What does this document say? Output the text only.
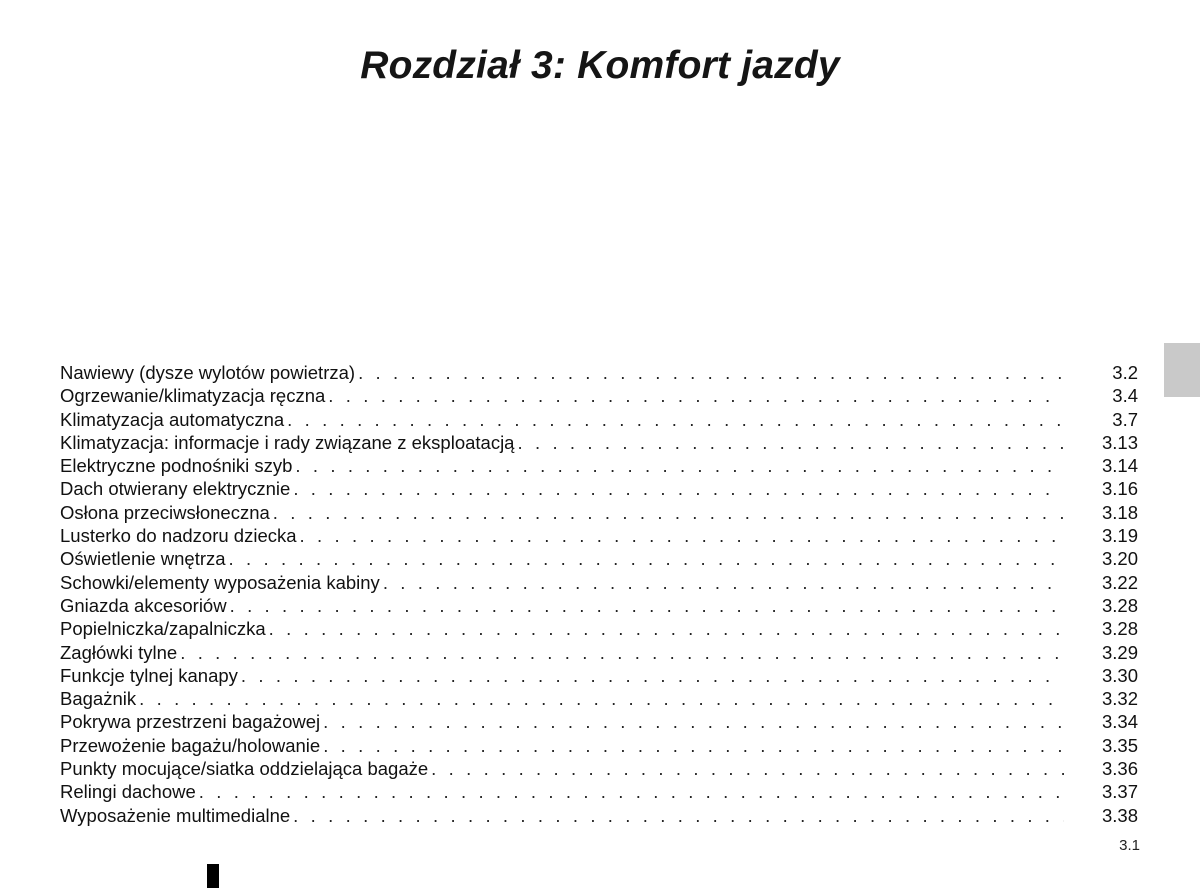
Rozdział 3: Komfort jazdy
Nawiewy (dysze wylotów powietrza) . . .	3.2
Ogrzewanie/klimatyzacja ręczna . . .	3.4
Klimatyzacja automatyczna . . .	3.7
Klimatyzacja: informacje i rady związane z eksploatacją . . .	3.13
Elektryczne podnośniki szyb . . .	3.14
Dach otwierany elektrycznie . . .	3.16
Osłona przeciwsłoneczna . . .	3.18
Lusterko do nadzoru dziecka . . .	3.19
Oświetlenie wnętrza . . .	3.20
Schowki/elementy wyposażenia kabiny . . .	3.22
Gniazda akcesoriów . . .	3.28
Popielniczka/zapalniczka . . .	3.28
Zagłówki tylne . . .	3.29
Funkcje tylnej kanapy . . .	3.30
Bagażnik . . .	3.32
Pokrywa przestrzeni bagażowej . . .	3.34
Przewożenie bagażu/holowanie . . .	3.35
Punkty mocujące/siatka oddzielająca bagaże . . .	3.36
Relingi dachowe . . .	3.37
Wyposażenie multimedialne . . .	3.38
3.1
